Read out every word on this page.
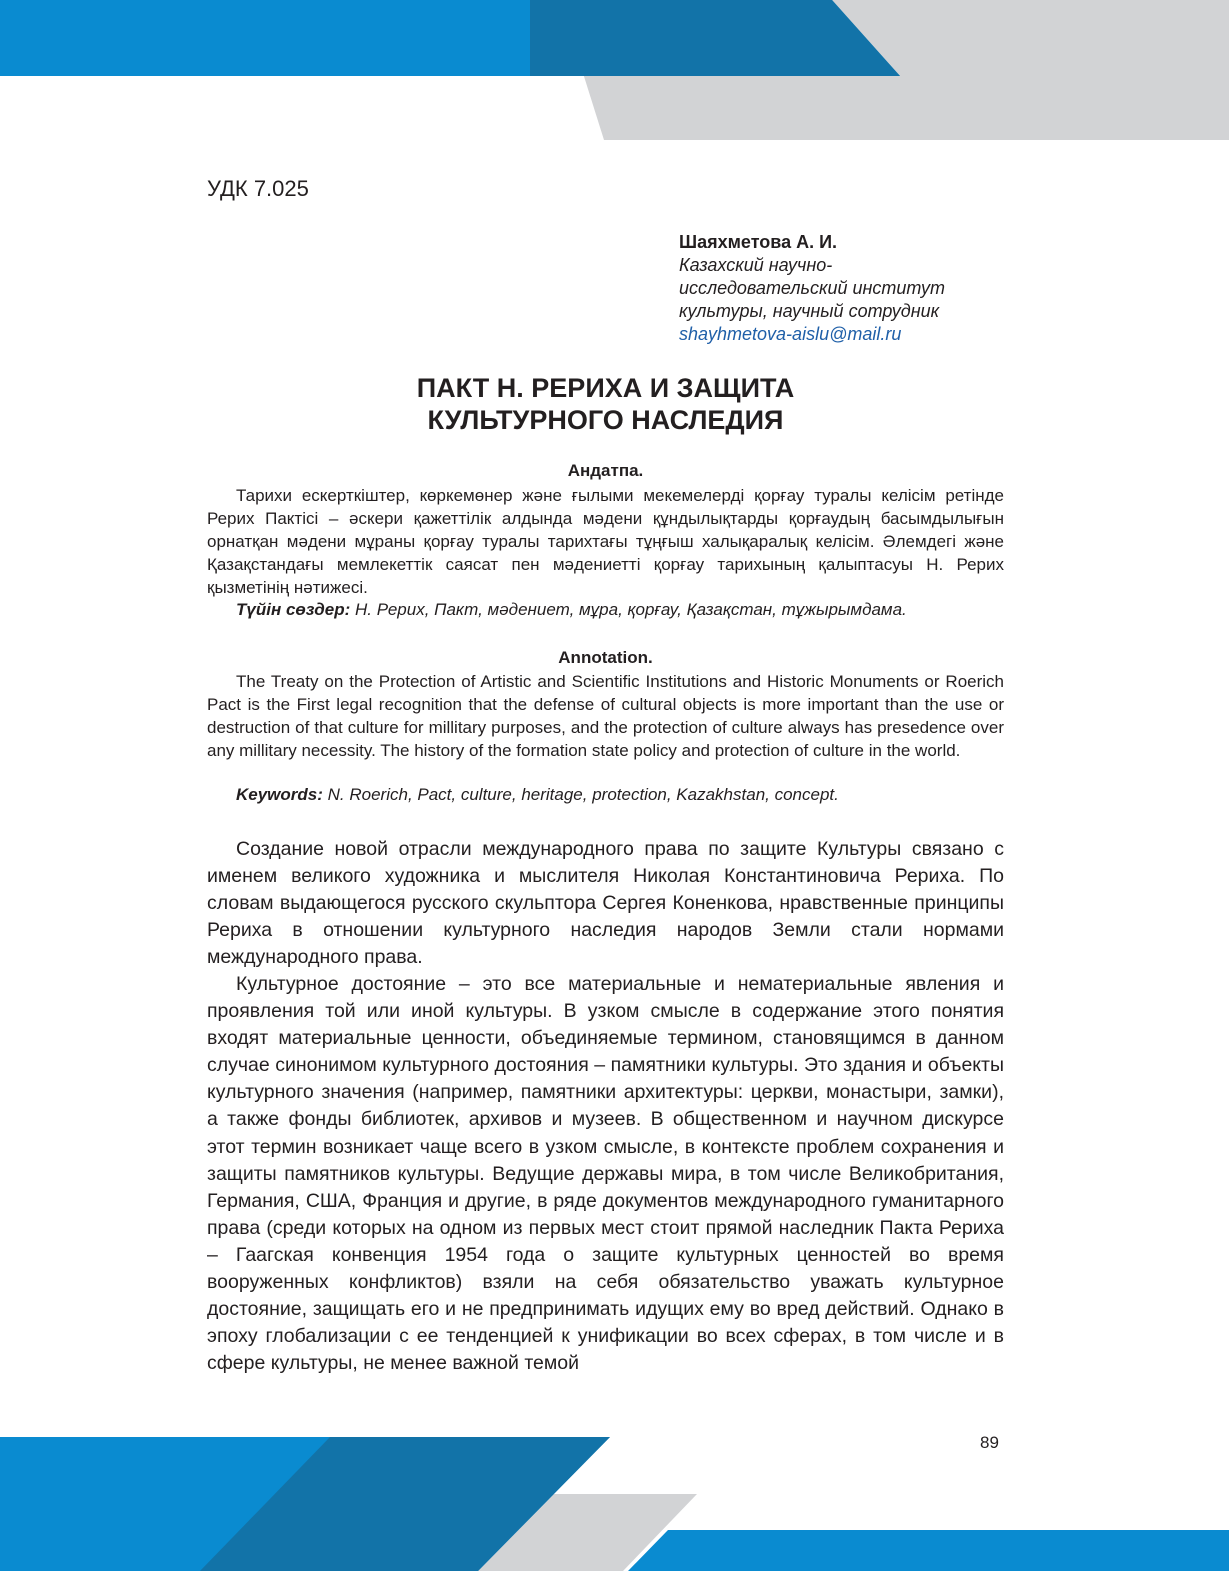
УДК 7.025
Шаяхметова А. И.
Казахский научно-
исследовательский институт
культуры, научный сотрудник
shayhmetova-aislu@mail.ru
ПАКТ Н. РЕРИХА И ЗАЩИТА
КУЛЬТУРНОГО НАСЛЕДИЯ
Андатпа.

Тарихи ескерткіштер, көркемөнер және ғылыми мекемелерді қорғау туралы келісім ретінде Рерих Пактісі – әскери қажеттілік алдында мәдени құндылықтарды қорғаудың басымдылығын орнатқан мәдени мұраны қорғау туралы тарихтағы тұңғыш халықаралық келісім. Әлемдегі және Қазақстандағы мемлекеттік саясат пен мәдениетті қорғау тарихының қалыптасуы Н. Рерих қызметінің нәтижесі.

Түйін сөздер: Н. Рерих, Пакт, мәдениет, мұра, қорғау, Қазақстан, тұжырымдама.
Annotation.

The Treaty on the Protection of Artistic and Scientific Institutions and Historic Monuments or Roerich Pact is the First legal recognition that the defense of cultural objects is more important than the use or destruction of that culture for millitary purposes, and the protection of culture always has presedence over any millitary necessity. The history of the formation state policy and protection of culture in the world.

Keywords: N. Roerich, Pact, culture, heritage, protection, Kazakhstan, concept.

Создание новой отрасли международного права по защите Культуры связано с именем великого художника и мыслителя Николая Константиновича Рериха. По словам выдающегося русского скульптора Сергея Коненкова, нравственные принципы Рериха в отношении культурного наследия народов Земли стали нормами международного права.

Культурное достояние – это все материальные и нематериальные явления и проявления той или иной культуры. В узком смысле в содержание этого понятия входят материальные ценности, объединяемые термином, становящимся в данном случае синонимом культурного достояния – памятники культуры. Это здания и объекты культурного значения (например, памятники архитектуры: церкви, монастыри, замки), а также фонды библиотек, архивов и музеев. В общественном и научном дискурсе этот термин возникает чаще всего в узком смысле, в контексте проблем сохранения и защиты памятников культуры. Ведущие державы мира, в том числе Великобритания, Германия, США, Франция и другие, в ряде документов международного гуманитарного права (среди которых на одном из первых мест стоит прямой наследник Пакта Рериха – Гаагская конвенция 1954 года о защите культурных ценностей во время вооруженных конфликтов) взяли на себя обязательство уважать культурное достояние, защищать его и не предпринимать идущих ему во вред действий. Однако в эпоху глобализации с ее тенденцией к унификации во всех сферах, в том числе и в сфере культуры, не менее важной темой

89
